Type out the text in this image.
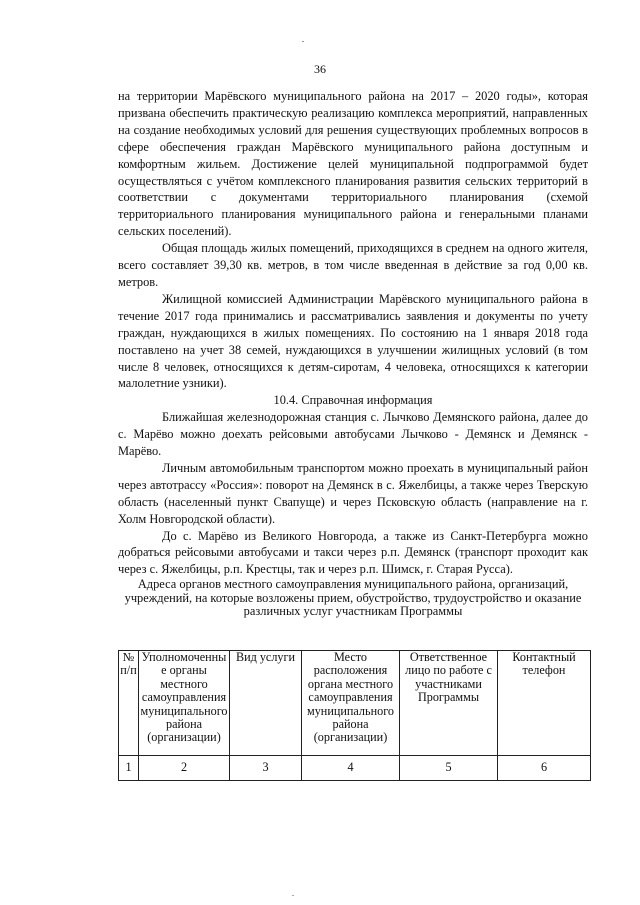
36

на территории Марёвского муниципального района на 2017 – 2020 годы», которая призвана обеспечить практическую реализацию комплекса мероприятий, направленных на создание необходимых условий для решения существующих проблемных вопросов в сфере обеспечения граждан Марёвского муниципального района доступным и комфортным жильем. Достижение целей муниципальной подпрограммой будет осуществляться с учётом комплексного планирования развития сельских территорий в соответствии с документами территориального планирования (схемой территориального планирования муниципального района и генеральными планами сельских поселений).

Общая площадь жилых помещений, приходящихся в среднем на одного жителя, всего составляет 39,30 кв. метров, в том числе введенная в действие за год 0,00 кв. метров.

Жилищной комиссией Администрации Марёвского муниципального района в течение 2017 года принимались и рассматривались заявления и документы по учету граждан, нуждающихся в жилых помещениях. По состоянию на 1 января 2018 года поставлено на учет 38 семей, нуждающихся в улучшении жилищных условий (в том числе 8 человек, относящихся к детям-сиротам, 4 человека, относящихся к категории малолетние узники).

10.4. Справочная информация

Ближайшая железнодорожная станция с. Лычково Демянского района, далее до с. Марёво можно доехать рейсовыми автобусами Лычково - Демянск и Демянск - Марёво.

Личным автомобильным транспортом можно проехать в муниципальный район через автотрассу «Россия»: поворот на Демянск в с. Яжелбицы, а также через Тверскую область (населенный пункт Свапуще) и через Псковскую область (направление на г. Холм Новгородской области).

До с. Марёво из Великого Новгорода, а также из Санкт-Петербурга можно добраться рейсовыми автобусами и такси через р.п. Демянск (транспорт проходит как через с. Яжелбицы, р.п. Крестцы, так и через р.п. Шимск, г. Старая Русса).

Адреса органов местного самоуправления муниципального района, организаций, учреждений, на которые возложены прием, обустройство, трудоустройство и оказание различных услуг участникам Программы

№ п/п	Уполномоченные органы местного самоуправления муниципального района (организации)	Вид услуги	Место расположения органа местного самоуправления муниципального района (организации)	Ответственное лицо по работе с участниками Программы	Контактный телефон
1	2	3	4	5	6
